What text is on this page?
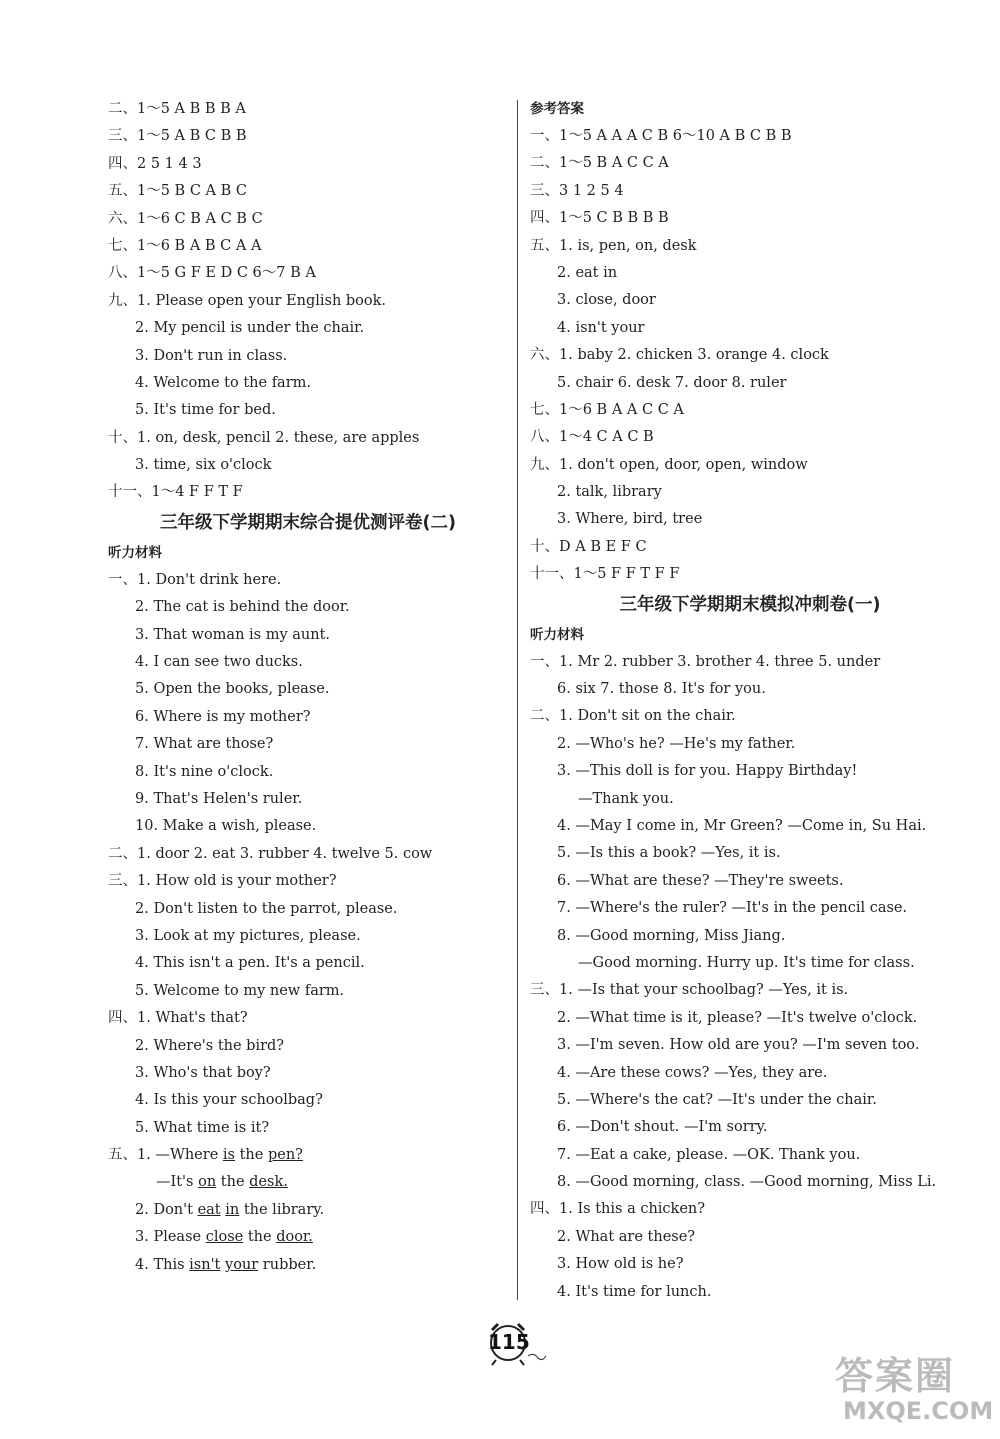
二、1～5 A B B B A
三、1～5 A B C B B
四、2 5 1 4 3
五、1～5 B C A B C
六、1～6 C B A C B C
七、1～6 B A B C A A
八、1～5 G F E D C 6～7 B A
九、1. Please open your English book.
2. My pencil is under the chair.
3. Don't run in class.
4. Welcome to the farm.
5. It's time for bed.
十、1. on, desk, pencil 2. these, are apples
3. time, six o'clock
十一、1～4 F F T F
三年级下学期期末综合提优测评卷(二)
听力材料
一、1. Don't drink here.
2. The cat is behind the door.
3. That woman is my aunt.
4. I can see two ducks.
5. Open the books, please.
6. Where is my mother?
7. What are those?
8. It's nine o'clock.
9. That's Helen's ruler.
10. Make a wish, please.
二、1. door 2. eat 3. rubber 4. twelve 5. cow
三、1. How old is your mother?
2. Don't listen to the parrot, please.
3. Look at my pictures, please.
4. This isn't a pen. It's a pencil.
5. Welcome to my new farm.
四、1. What's that?
2. Where's the bird?
3. Who's that boy?
4. Is this your schoolbag?
5. What time is it?
五、1. —Where is the pen?
—It's on the desk.
2. Don't eat in the library.
3. Please close the door.
4. This isn't your rubber.
参考答案
一、1～5 A A A C B 6～10 A B C B B
二、1～5 B A C C A
三、3 1 2 5 4
四、1～5 C B B B B
五、1. is, pen, on, desk
2. eat in
3. close, door
4. isn't your
六、1. baby 2. chicken 3. orange 4. clock
5. chair 6. desk 7. door 8. ruler
七、1～6 B A A C C A
八、1～4 C A C B
九、1. don't open, door, open, window
2. talk, library
3. Where, bird, tree
十、D A B E F C
十一、1～5 F F T F F
三年级下学期期末模拟冲刺卷(一)
听力材料
一、1. Mr 2. rubber 3. brother 4. three 5. under
6. six 7. those 8. It's for you.
二、1. Don't sit on the chair.
2. —Who's he? —He's my father.
3. —This doll is for you. Happy Birthday!
—Thank you.
4. —May I come in, Mr Green? —Come in, Su Hai.
5. —Is this a book? —Yes, it is.
6. —What are these? —They're sweets.
7. —Where's the ruler? —It's in the pencil case.
8. —Good morning, Miss Jiang.
—Good morning. Hurry up. It's time for class.
三、1. —Is that your schoolbag? —Yes, it is.
2. —What time is it, please? —It's twelve o'clock.
3. —I'm seven. How old are you? —I'm seven too.
4. —Are these cows? —Yes, they are.
5. —Where's the cat? —It's under the chair.
6. —Don't shout. —I'm sorry.
7. —Eat a cake, please. —OK. Thank you.
8. —Good morning, class. —Good morning, Miss Li.
四、1. Is this a chicken?
2. What are these?
3. How old is he?
4. It's time for lunch.
115
答案圈
MXQE.COM
